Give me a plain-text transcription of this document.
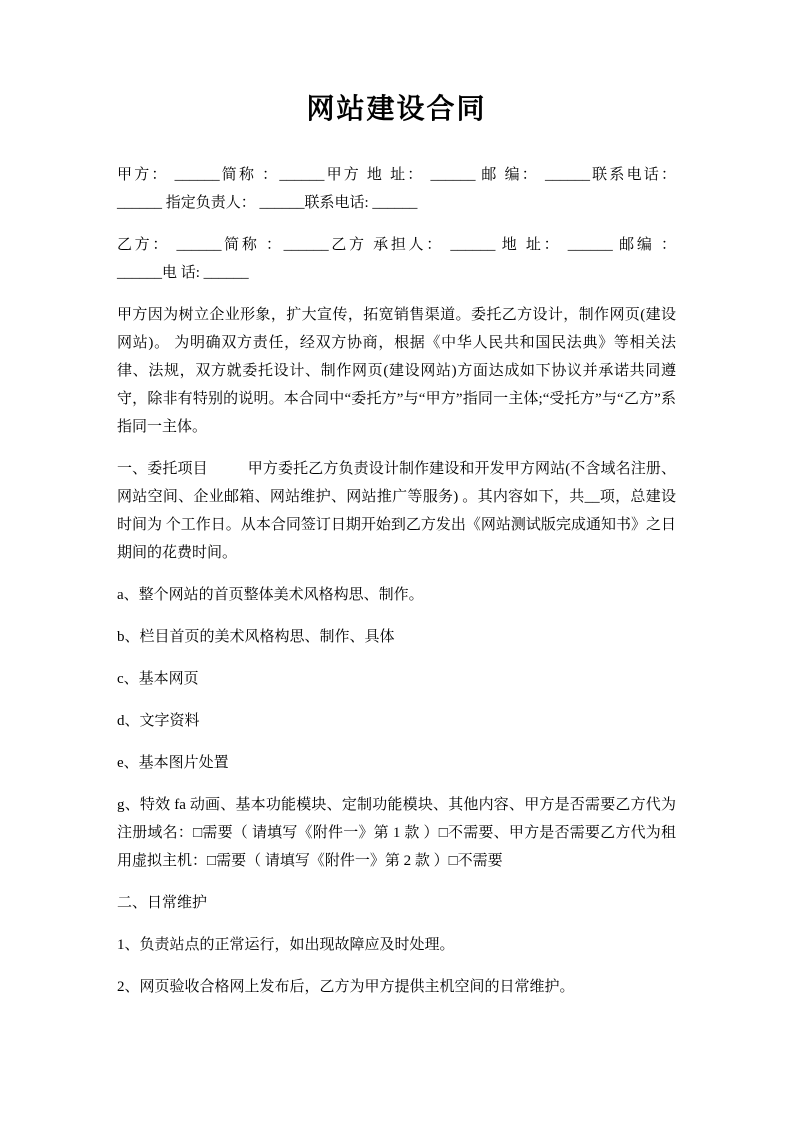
网站建设合同
甲方： ______简称 ：______甲方 地 址： ______ 邮 编： ______联系电话：
______ 指定负责人： ______联系电话: ______
乙方： ______简称 ：______乙方 承担人： ______ 地 址： ______ 邮编 ：
______电 话: ______

甲方因为树立企业形象，扩大宣传，拓宽销售渠道。委托乙方设计，制作网页(建设网站)。 为明确双方责任，经双方协商，根据《中华人民共和国民法典》等相关法律、法规，双方就委托设计、制作网页(建设网站)方面达成如下协议并承诺共同遵守，除非有特别的说明。本合同中“委托方”与“甲方”指同一主体;“受托方”与“乙方”系指同一主体。

一、委托项目	甲方委托乙方负责设计制作建设和开发甲方网站(不含域名注册、网站空间、企业邮箱、网站维护、网站推广等服务) 。其内容如下，共__项，总建设时间为 个工作日。从本合同签订日期开始到乙方发出《网站测试版完成通知书》之日期间的花费时间。

a、整个网站的首页整体美术风格构思、制作。

b、栏目首页的美术风格构思、制作、具体

c、基本网页

d、文字资料

e、基本图片处置

g、特效 fa 动画、基本功能模块、定制功能模块、其他内容、甲方是否需要乙方代为注册域名：□需要（ 请填写《附件一》第 1 款 ）□不需要、甲方是否需要乙方代为租用虚拟主机：□需要（ 请填写《附件一》第 2 款 ）□不需要

二、日常维护

1、负责站点的正常运行，如出现故障应及时处理。

2、网页验收合格网上发布后，乙方为甲方提供主机空间的日常维护。
